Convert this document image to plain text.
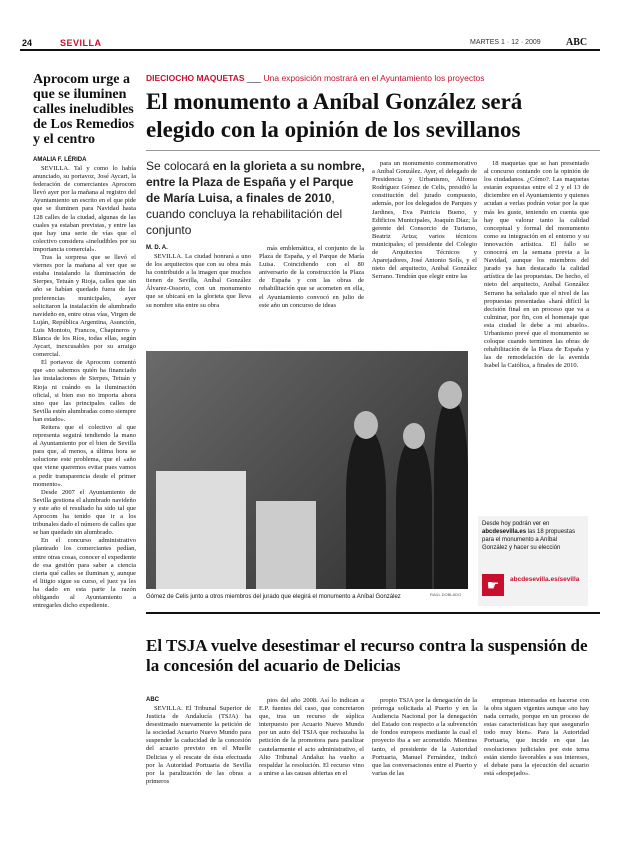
24	SEVILLA	MARTES 1 · 12 · 2009	ABC
Aprocom urge a que se iluminen calles ineludibles de Los Remedios y el centro
AMALIA F. LÉRIDA

SEVILLA. Tal y como lo había anunciado, su portavoz, José Aycart, la federación de comerciantes Aprocom llevó ayer por la mañana al registro del Ayuntamiento un escrito en el que pide que se iluminen para Navidad hasta 128 calles de la ciudad, algunas de las cuales ya estaban previstas, y entre las que hay una serie de vías que el colectivo considera «ineludibles por su importancia comercial».

Tras la sorpresa que se llevó el viernes por la mañana al ver que se estaba instalando la iluminación de Sierpes, Tetuán y Rioja, calles que sin año se habían quedado fuera de las preferencias municipales, ayer solicitaron la instalación de alumbrado navideño en, entre otras vías, Virgen de Luján, República Argentina, Asunción, Luis Montoto, Francos, Chapineros y Blanca de los Ríos, todas ellas, según Aycart, inexcusables por su arraigo comercial.

El portavoz de Aprocom comentó que «no sabemos quién ha financiado las instalaciones de Sierpes, Tetuán y Rioja ni cuándo es la iluminación oficial, si bien eso no importa ahora sino que las principales calles de Sevilla estén alumbradas como siempre han estado».

Reitera que el colectivo al que representa seguirá tendiendo la mano al Ayuntamiento por el bien de Sevilla para que, al menos, a última hora se solucione este problema, que el «año que viene queremos evitar pues vamos a pedir transparencia desde el primer momento».

Desde 2007 el Ayuntamiento de Sevilla gestiona el alumbrado navideño y este año el resultado ha sido tal que Aprocom ha tenido que ir a los tribunales dado el número de calles que se han quedado sin alumbrado.

En el concurso administrativo planteado los comerciantes pedían, entre otras cosas, conocer el expediente de esa gestión para saber a ciencia cierta qué calles se iluminan y, aunque el litigio sigue su curso, el juez ya les ha dado en esta parte la razón obligando al Ayuntamiento a entregarles dicho expediente.

DIECIOCHO MAQUETAS ___ Una exposición mostrará en el Ayuntamiento los proyectos
El monumento a Aníbal González será elegido con la opinión de los sevillanos
Se colocará en la glorieta a su nombre, entre la Plaza de España y el Parque de María Luisa, a finales de 2010, cuando concluya la rehabilitación del conjunto
M. D. A.

SEVILLA. La ciudad honrará a uno de los arquitectos que con su obra más ha contribuido a la imagen que muchos tienen de Sevilla, Aníbal González Álvarez-Ossorio, con un monumento que se ubicará en la glorieta que lleva su nombre sita entre su obra

más emblemática, el conjunto de la Plaza de España, y el Parque de María Luisa. Coincidiendo con el 80 aniversario de la construcción la Plaza de España y con las obras de rehabilitación que se acometen en ella, el Ayuntamiento convocó en julio de este año un concurso de ideas

para un monumento conmemorativo a Aníbal González. Ayer, el delegado de Presidencia y Urbanismo, Alfonso Rodríguez Gómez de Celis, presidió la constitución del jurado compuesto, además, por los delegados de Parques y Jardines, Eva Patricia Bueno, y Edificios Municipales, Joaquín Díaz; la gerente del Consorcio de Turismo, Beatriz Ariza; varios técnicos municipales; el presidente del Colegio de Arquitectos Técnicos y Aparejadores, José Antonio Solís, y el nieto del arquitecto, Aníbal González Serrano. Tendrán que elegir entre las

18 maquetas que se han presentado al concurso contando con la opinión de los ciudadanos. ¿Cómo?. Las maquetas estarán expuestas entre el 2 y el 13 de diciembre en el Ayuntamiento y quienes acudan a verlas podrán votar por la que más les guste, teniendo en cuenta que hay que valorar tanto la calidad conceptual y formal del monumento como su integración en el entorno y su innovación artística. El fallo se conocerá en la semana previa a la Navidad, aunque los miembros del jurado ya han destacado la calidad artística de las propuestas. De hecho, el nieto del arquitecto, Aníbal González Serrano ha señalado que el nivel de las propuestas presentadas «hará difícil la decisión final en un proceso que va a culminar, por fin, con el homenaje que esta ciudad le debe a mi abuelo». Urbanismo prevé que el monumento se coloque cuando terminen las obras de rehabilitación de la Plaza de España y las de remodelación de la avenida Isabel la Católica, a finales de 2010.

RAÚL DOBLADO
Gómez de Celis junto a otros miembros del jurado que elegirá el monumento a Aníbal González
Desde hoy podrán ver en abcdesevilla.es las 18 propuestas para el monumento a Aníbal González y hacer su elección
☛	abcdesevilla.es/sevilla
El TSJA vuelve desestimar el recurso contra la suspensión de la concesión del acuario de Delicias
ABC

SEVILLA. El Tribunal Superior de Justicia de Andalucía (TSJA) ha desestimado nuevamente la petición de la sociedad Acuario Nuevo Mundo para suspender la caducidad de la concesión del acuario previsto en el Muelle Delicias y el rescate de ésta efectuada por la Autoridad Portuaria de Sevilla por la paralización de las obras a primeros

pios del año 2008. Así lo indican a E.P. fuentes del caso, que concretaron que, tras un recurso de súplica interpuesto por Acuario Nuevo Mundo por un auto del TSJA que rechazaba la petición de la promotora para paralizar cautelarmente el acto administrativo, el Alto Tribunal Andaluz ha vuelto a respaldar la resolución. El recurso vino a unirse a las causas abiertas en el

propio TSJA por la denegación de la prórroga solicitada al Puerto y en la Audiencia Nacional por la denegación del Estado con respecto a la subvención de fondos europeos mediante la cual el proyecto iba a ser acometido. Mientras tanto, el presidente de la Autoridad Portuaria, Manuel Fernández, indicó que las conversaciones entre el Puerto y varias de las

empresas interesadas en hacerse con la obra siguen vigentes aunque «no hay nada cerrado, porque en un proceso de estas características hay que asegurarlo todo muy bien». Para la Autoridad Portuaria, que incide en que las resoluciones judiciales por este tema están siendo favorables a sus intereses, el debate para la ejecución del acuario está «despejado».
